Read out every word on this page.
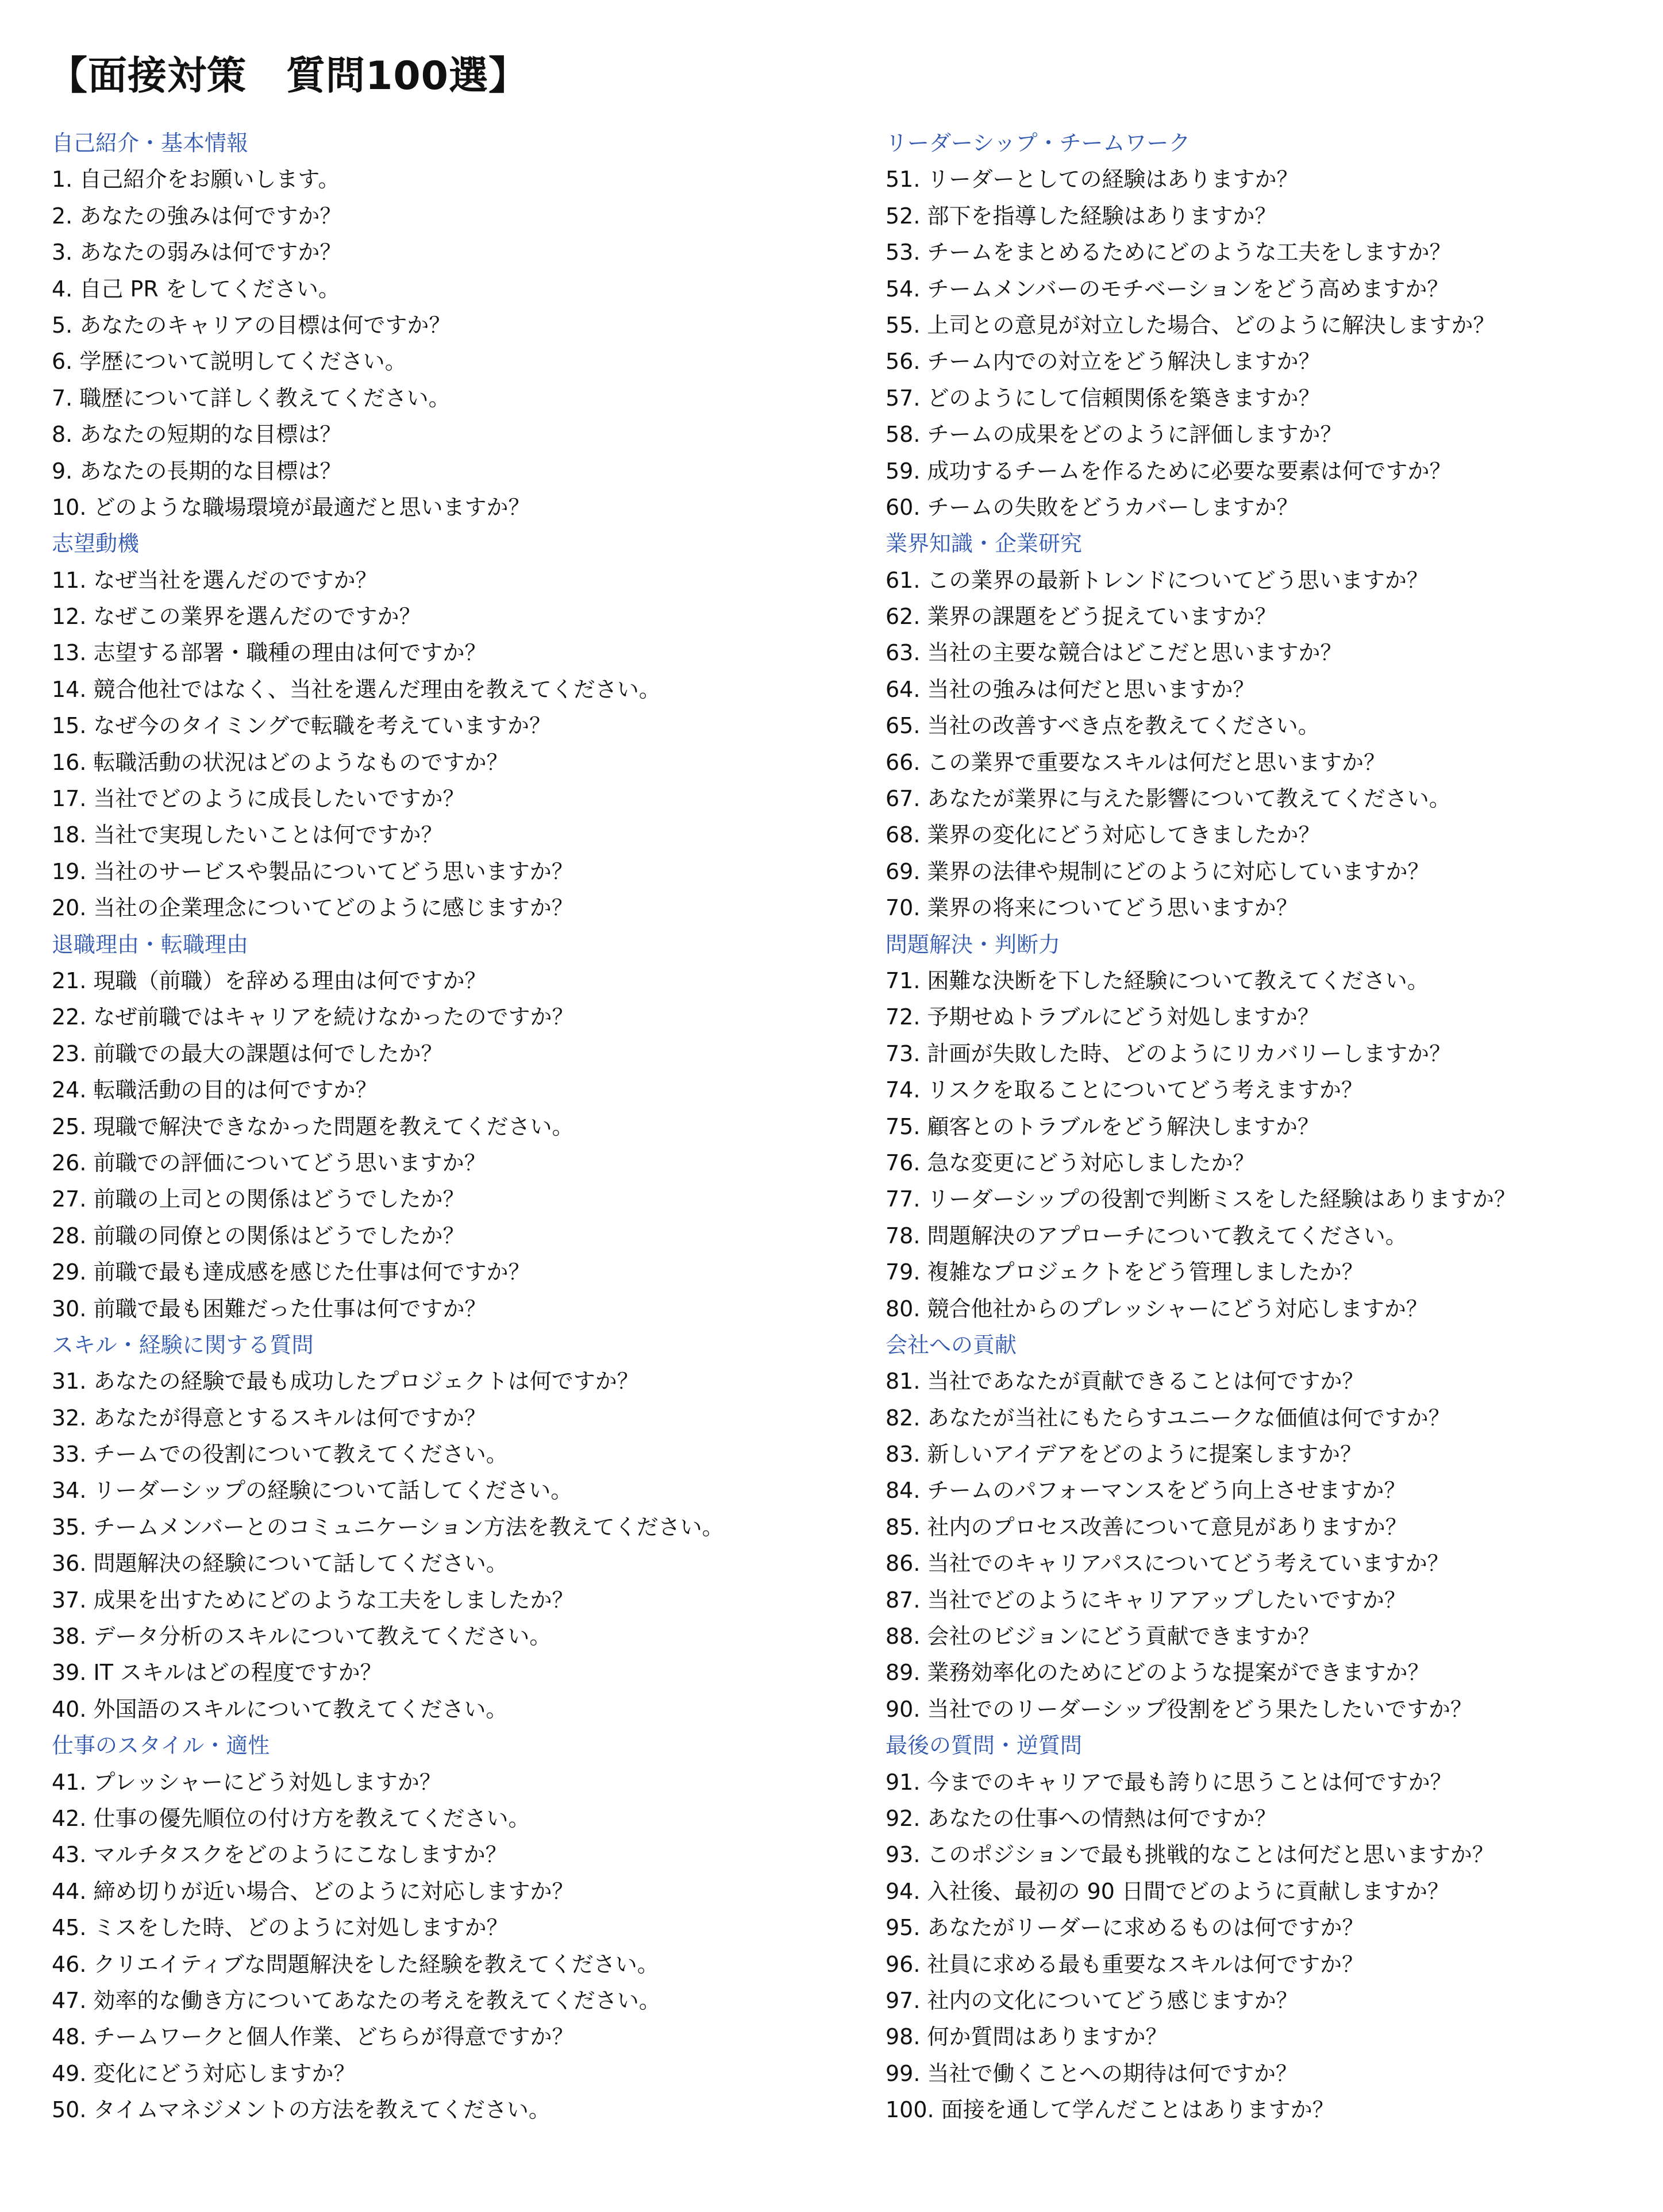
【面接対策　質問100選】
自己紹介・基本情報
1. 自己紹介をお願いします。
2. あなたの強みは何ですか？
3. あなたの弱みは何ですか？
4. 自己 PR をしてください。
5. あなたのキャリアの目標は何ですか？
6. 学歴について説明してください。
7. 職歴について詳しく教えてください。
8. あなたの短期的な目標は？
9. あなたの長期的な目標は？
10. どのような職場環境が最適だと思いますか？
志望動機
11. なぜ当社を選んだのですか？
12. なぜこの業界を選んだのですか？
13. 志望する部署・職種の理由は何ですか？
14. 競合他社ではなく、当社を選んだ理由を教えてください。
15. なぜ今のタイミングで転職を考えていますか？
16. 転職活動の状況はどのようなものですか？
17. 当社でどのように成長したいですか？
18. 当社で実現したいことは何ですか？
19. 当社のサービスや製品についてどう思いますか？
20. 当社の企業理念についてどのように感じますか？
退職理由・転職理由
21. 現職（前職）を辞める理由は何ですか？
22. なぜ前職ではキャリアを続けなかったのですか？
23. 前職での最大の課題は何でしたか？
24. 転職活動の目的は何ですか？
25. 現職で解決できなかった問題を教えてください。
26. 前職での評価についてどう思いますか？
27. 前職の上司との関係はどうでしたか？
28. 前職の同僚との関係はどうでしたか？
29. 前職で最も達成感を感じた仕事は何ですか？
30. 前職で最も困難だった仕事は何ですか？
スキル・経験に関する質問
31. あなたの経験で最も成功したプロジェクトは何ですか？
32. あなたが得意とするスキルは何ですか？
33. チームでの役割について教えてください。
34. リーダーシップの経験について話してください。
35. チームメンバーとのコミュニケーション方法を教えてください。
36. 問題解決の経験について話してください。
37. 成果を出すためにどのような工夫をしましたか？
38. データ分析のスキルについて教えてください。
39. IT スキルはどの程度ですか？
40. 外国語のスキルについて教えてください。
仕事のスタイル・適性
41. プレッシャーにどう対処しますか？
42. 仕事の優先順位の付け方を教えてください。
43. マルチタスクをどのようにこなしますか？
44. 締め切りが近い場合、どのように対応しますか？
45. ミスをした時、どのように対処しますか？
46. クリエイティブな問題解決をした経験を教えてください。
47. 効率的な働き方についてあなたの考えを教えてください。
48. チームワークと個人作業、どちらが得意ですか？
49. 変化にどう対応しますか？
50. タイムマネジメントの方法を教えてください。
リーダーシップ・チームワーク
51. リーダーとしての経験はありますか？
52. 部下を指導した経験はありますか？
53. チームをまとめるためにどのような工夫をしますか？
54. チームメンバーのモチベーションをどう高めますか？
55. 上司との意見が対立した場合、どのように解決しますか？
56. チーム内での対立をどう解決しますか？
57. どのようにして信頼関係を築きますか？
58. チームの成果をどのように評価しますか？
59. 成功するチームを作るために必要な要素は何ですか？
60. チームの失敗をどうカバーしますか？
業界知識・企業研究
61. この業界の最新トレンドについてどう思いますか？
62. 業界の課題をどう捉えていますか？
63. 当社の主要な競合はどこだと思いますか？
64. 当社の強みは何だと思いますか？
65. 当社の改善すべき点を教えてください。
66. この業界で重要なスキルは何だと思いますか？
67. あなたが業界に与えた影響について教えてください。
68. 業界の変化にどう対応してきましたか？
69. 業界の法律や規制にどのように対応していますか？
70. 業界の将来についてどう思いますか？
問題解決・判断力
71. 困難な決断を下した経験について教えてください。
72. 予期せぬトラブルにどう対処しますか？
73. 計画が失敗した時、どのようにリカバリーしますか？
74. リスクを取ることについてどう考えますか？
75. 顧客とのトラブルをどう解決しますか？
76. 急な変更にどう対応しましたか？
77. リーダーシップの役割で判断ミスをした経験はありますか？
78. 問題解決のアプローチについて教えてください。
79. 複雑なプロジェクトをどう管理しましたか？
80. 競合他社からのプレッシャーにどう対応しますか？
会社への貢献
81. 当社であなたが貢献できることは何ですか？
82. あなたが当社にもたらすユニークな価値は何ですか？
83. 新しいアイデアをどのように提案しますか？
84. チームのパフォーマンスをどう向上させますか？
85. 社内のプロセス改善について意見がありますか？
86. 当社でのキャリアパスについてどう考えていますか？
87. 当社でどのようにキャリアアップしたいですか？
88. 会社のビジョンにどう貢献できますか？
89. 業務効率化のためにどのような提案ができますか？
90. 当社でのリーダーシップ役割をどう果たしたいですか？
最後の質問・逆質問
91. 今までのキャリアで最も誇りに思うことは何ですか？
92. あなたの仕事への情熱は何ですか？
93. このポジションで最も挑戦的なことは何だと思いますか？
94. 入社後、最初の 90 日間でどのように貢献しますか？
95. あなたがリーダーに求めるものは何ですか？
96. 社員に求める最も重要なスキルは何ですか？
97. 社内の文化についてどう感じますか？
98. 何か質問はありますか？
99. 当社で働くことへの期待は何ですか？
100. 面接を通して学んだことはありますか？
